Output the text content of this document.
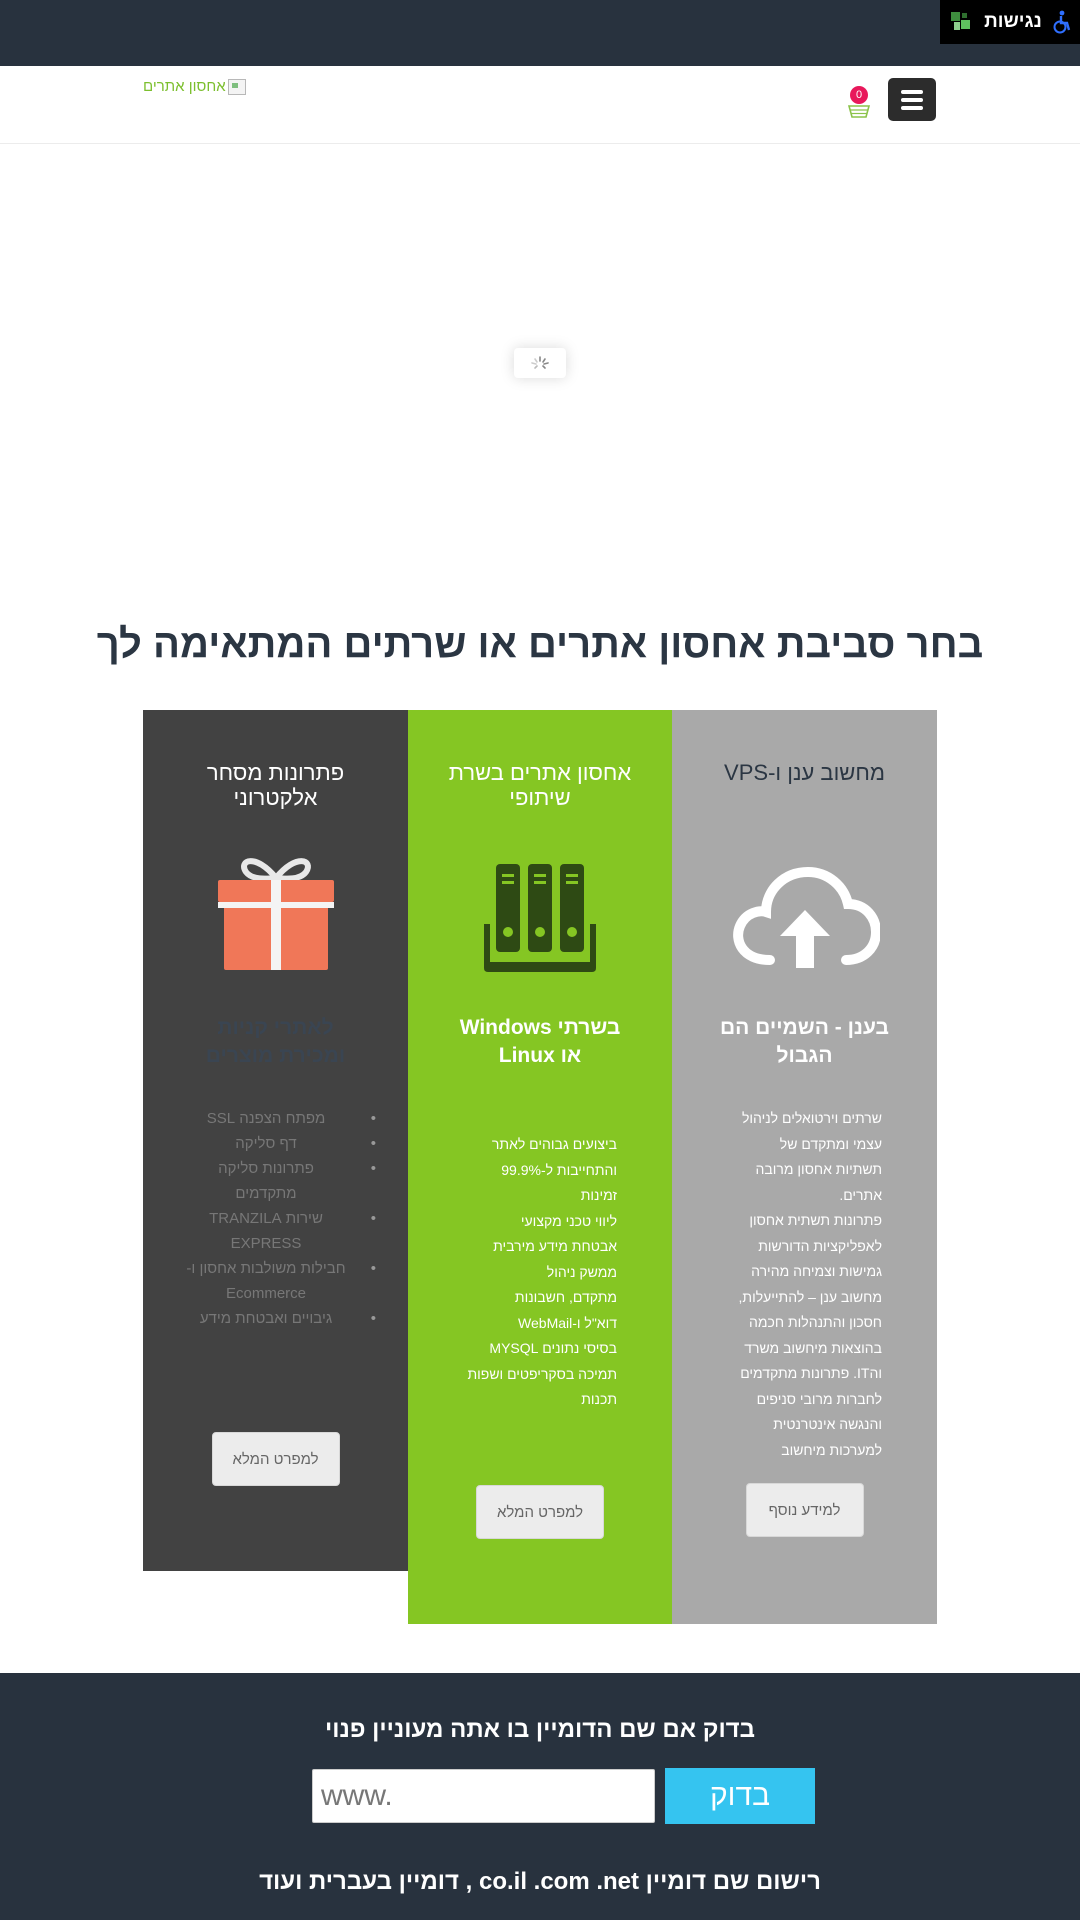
נגישות
אחסון אתרים	0
בחר סביבת אחסון אתרים או שרתים המתאימה לך
פתרונות מסחר אלקטרוני
לאתרי קניות ומכירת מוצרים
• מפתח הצפנה SSL
• דף סליקה
• פתרונות סליקה מתקדמים
• שירות TRANZILA EXPRESS
• חבילות משולבות אחסון ו-Ecommerce
• גיבויים ואבטחת מידע
למפרט המלא
אחסון אתרים בשרת שיתופי
בשרתי Windows או Linux
ביצועים גבוהים לאתר
והתחייבות ל-99.9%
זמינות
ליווי טכני מקצועי
אבטחת מידע מירבית
ממשק ניהול
מתקדם, חשבונות
דוא"ל ו-WebMail
בסיסי נתונים MYSQL
תמיכה בסקריפטים ושפות
תכנות
למפרט המלא
מחשוב ענן ו-VPS
בענן - השמיים הם הגבול
שרתים וירטואלים לניהול
עצמי ומתקדם של
תשתיות אחסון מרובה
אתרים.
פתרונות תשתית אחסון
לאפליקציות הדורשות
גמישות וצמיחה מהירה
מחשוב ענן – להתייעלות,
חסכון והתנהלות חכמה
בהוצאות מיחשוב משרד
והIT. פתרונות מתקדמים
לחברות מרובי סניפים
והנגשה אינטרנטית
למערכות מיחשוב
למידע נוסף
בדוק אם שם הדומיין בו אתה מעוניין פנוי
www.
בדוק
רישום שם דומיין co.il .com .net , דומיין בעברית ועוד
